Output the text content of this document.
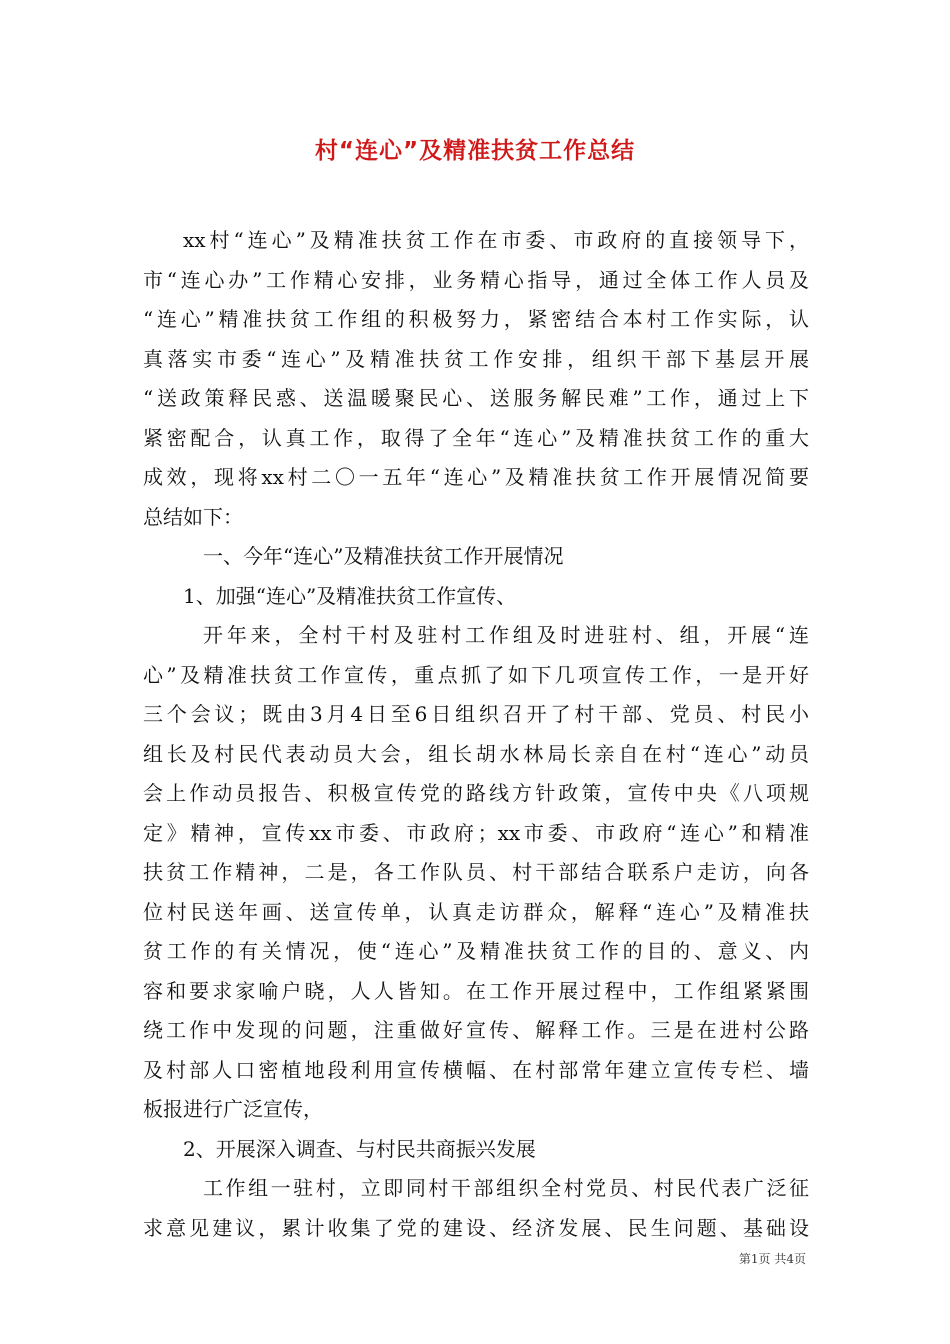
村“连心”及精准扶贫工作总结
xx村“连心”及精准扶贫工作在市委、市政府的直接领导下，
市“连心办”工作精心安排，业务精心指导，通过全体工作人员及
“连心”精准扶贫工作组的积极努力，紧密结合本村工作实际，认
真落实市委“连心”及精准扶贫工作安排，组织干部下基层开展
“送政策释民惑、送温暖聚民心、送服务解民难”工作，通过上下
紧密配合，认真工作，取得了全年“连心”及精准扶贫工作的重大
成效，现将xx村二〇一五年“连心”及精准扶贫工作开展情况简要
总结如下：
一、今年“连心”及精准扶贫工作开展情况
1、加强“连心”及精准扶贫工作宣传、
开年来，全村干村及驻村工作组及时进驻村、组，开展“连
心”及精准扶贫工作宣传，重点抓了如下几项宣传工作，一是开好
三个会议；既由3月4日至6日组织召开了村干部、党员、村民小
组长及村民代表动员大会，组长胡水林局长亲自在村“连心”动员
会上作动员报告、积极宣传党的路线方针政策，宣传中央《八项规
定》精神，宣传xx市委、市政府；xx市委、市政府“连心”和精准
扶贫工作精神，二是，各工作队员、村干部结合联系户走访，向各
位村民送年画、送宣传单，认真走访群众，解释“连心”及精准扶
贫工作的有关情况，使“连心”及精准扶贫工作的目的、意义、内
容和要求家喻户晓，人人皆知。在工作开展过程中，工作组紧紧围
绕工作中发现的问题，注重做好宣传、解释工作。三是在进村公路
及村部人口密植地段利用宣传横幅、在村部常年建立宣传专栏、墙
板报进行广泛宣传，
2、开展深入调查、与村民共商振兴发展
工作组一驻村，立即同村干部组织全村党员、村民代表广泛征
求意见建议，累计收集了党的建设、经济发展、民生问题、基础设
第1页 共4页
